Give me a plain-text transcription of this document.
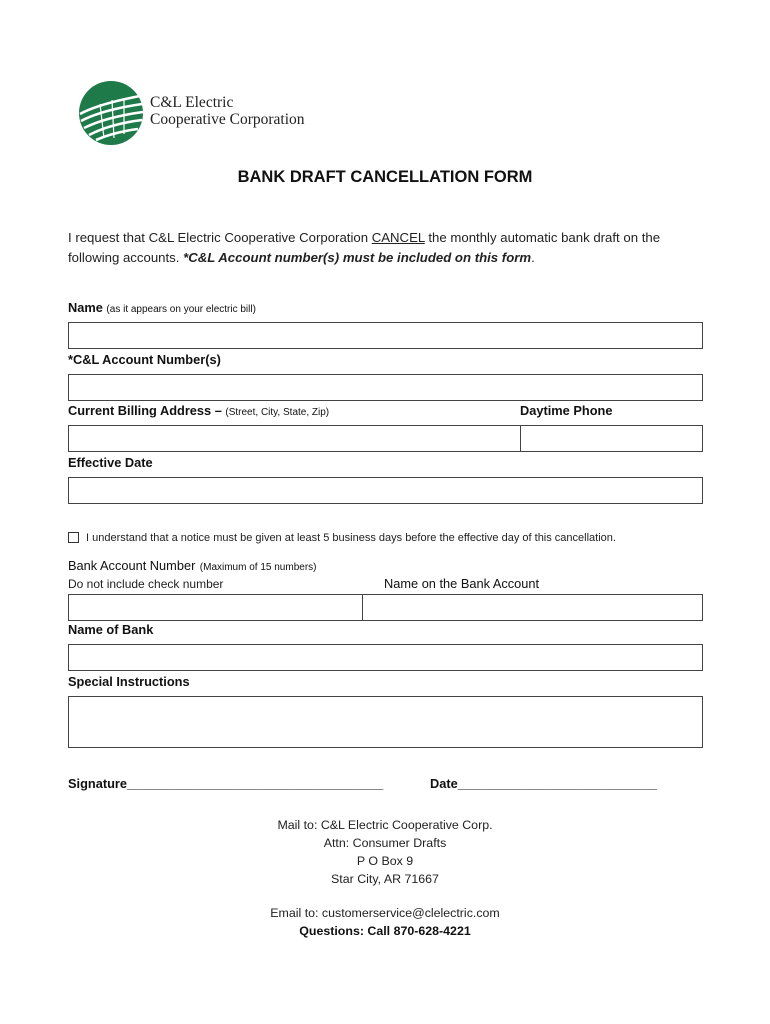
C&L Electric
Cooperative Corporation
BANK DRAFT CANCELLATION FORM
I request that C&L Electric Cooperative Corporation CANCEL the monthly automatic bank draft on the following accounts. *C&L Account number(s) must be included on this form.
Name (as it appears on your electric bill)
*C&L Account Number(s)
Current Billing Address – (Street, City, State, Zip)	Daytime Phone
Effective Date
I understand that a notice must be given at least 5 business days before the effective day of this cancellation.
Bank Account Number (Maximum of 15 numbers)
Do not include check number	Name on the Bank Account
Name of Bank
Special Instructions
Signature____________________________________	Date____________________________
Mail to: C&L Electric Cooperative Corp.
Attn: Consumer Drafts
P O Box 9
Star City, AR 71667
Email to: customerservice@clelectric.com
Questions: Call 870-628-4221
